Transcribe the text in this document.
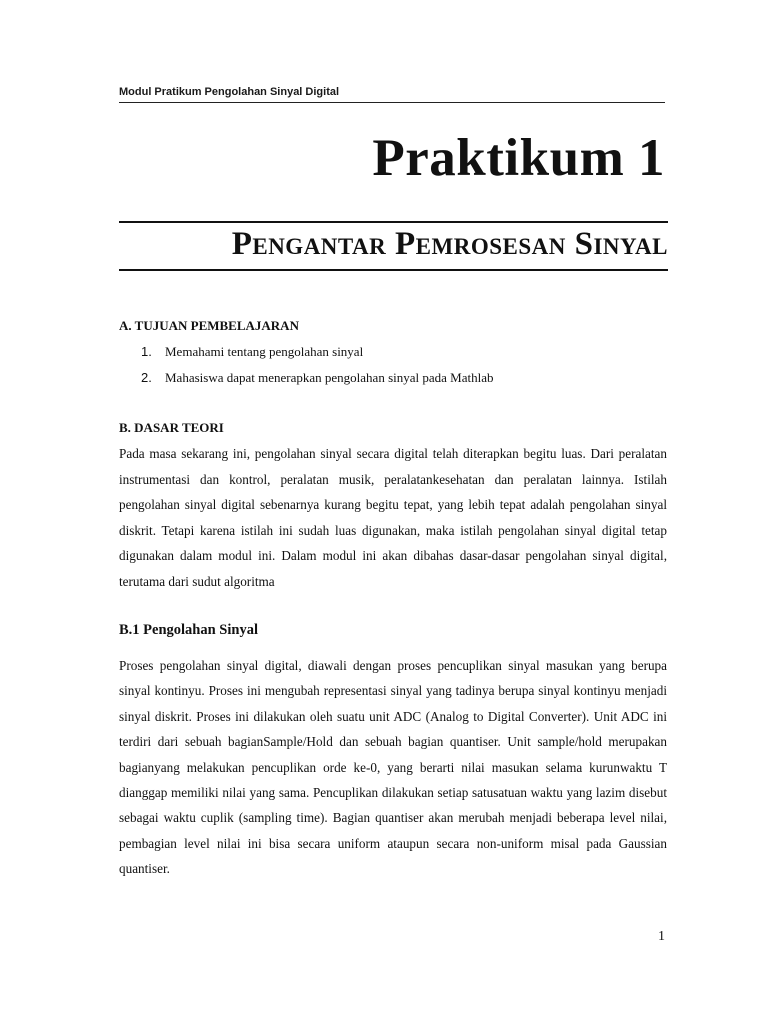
Modul Pratikum Pengolahan Sinyal Digital
Praktikum 1
Pengantar Pemrosesan Sinyal
A. TUJUAN PEMBELAJARAN
1.	Memahami tentang pengolahan sinyal
2.	Mahasiswa dapat menerapkan pengolahan sinyal pada Mathlab
B. DASAR TEORI
Pada masa sekarang ini, pengolahan sinyal secara digital telah diterapkan begitu luas. Dari peralatan instrumentasi dan kontrol, peralatan musik, peralatankesehatan dan peralatan lainnya. Istilah pengolahan sinyal digital sebenarnya kurang begitu tepat, yang lebih tepat adalah pengolahan sinyal diskrit. Tetapi karena istilah ini sudah luas digunakan, maka istilah pengolahan sinyal digital tetap digunakan dalam modul ini. Dalam modul ini akan dibahas dasar-dasar pengolahan sinyal digital, terutama dari sudut algoritma
B.1 Pengolahan Sinyal
Proses pengolahan sinyal digital, diawali dengan proses pencuplikan sinyal masukan yang berupa sinyal kontinyu. Proses ini mengubah representasi sinyal yang tadinya berupa sinyal kontinyu menjadi sinyal diskrit. Proses ini dilakukan oleh suatu unit ADC (Analog to Digital Converter). Unit ADC ini terdiri dari sebuah bagianSample/Hold dan sebuah bagian quantiser. Unit sample/hold merupakan bagianyang melakukan pencuplikan orde ke-0, yang berarti nilai masukan selama kurunwaktu T dianggap memiliki nilai yang sama. Pencuplikan dilakukan setiap satusatuan waktu yang lazim disebut sebagai waktu cuplik (sampling time). Bagian quantiser akan merubah menjadi beberapa level nilai, pembagian level nilai ini bisa secara uniform ataupun secara non-uniform misal pada Gaussian quantiser.
1
